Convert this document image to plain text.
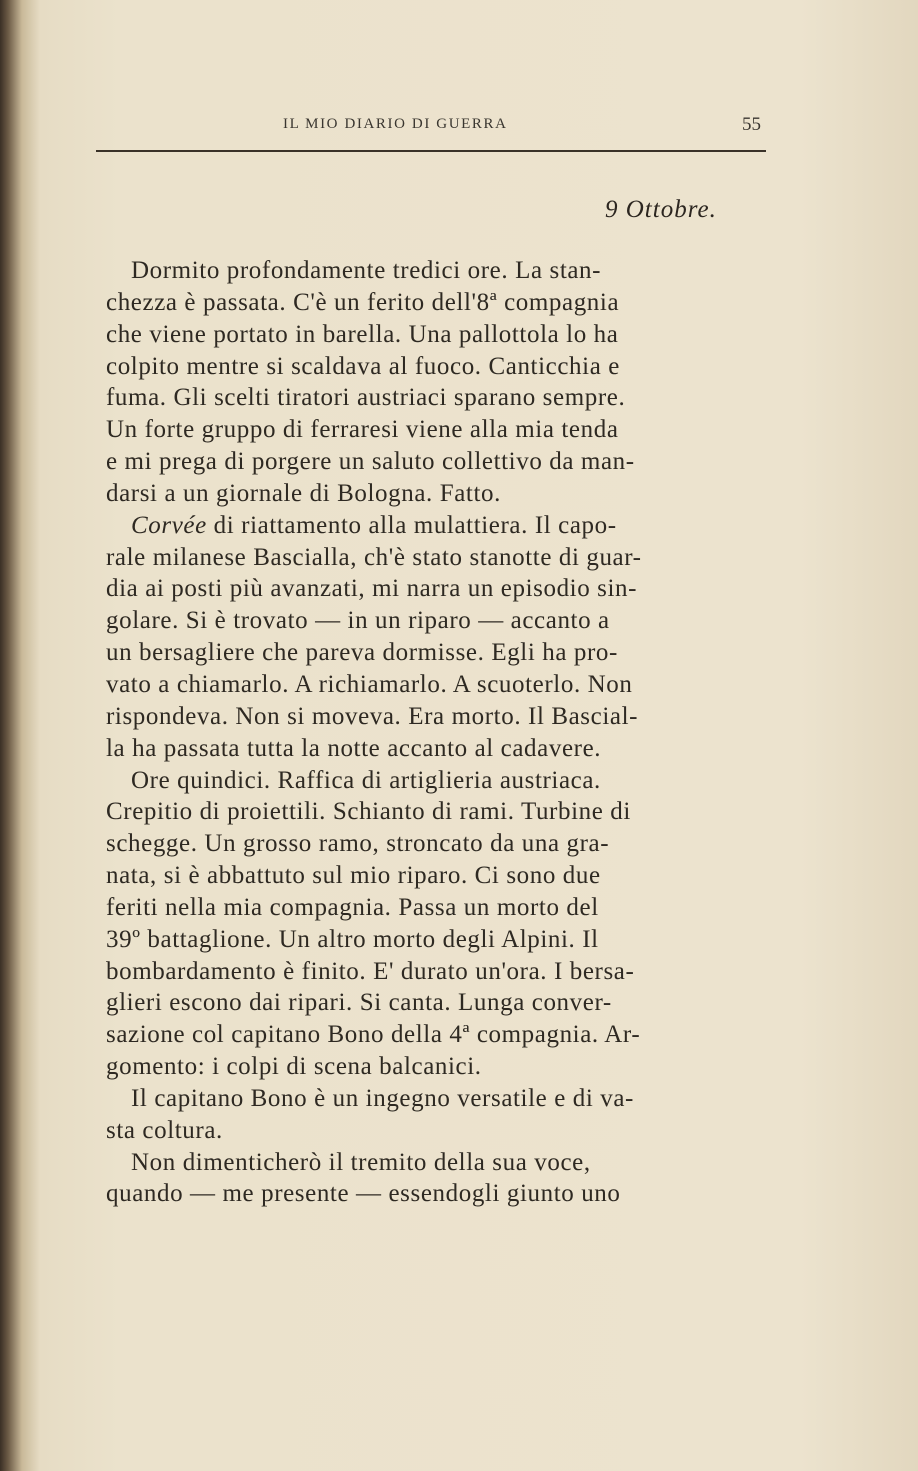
IL MIO DIARIO DI GUERRA	55
9 Ottobre.
Dormito profondamente tredici ore. La stan-
chezza è passata. C'è un ferito dell'8ª compagnia
che viene portato in barella. Una pallottola lo ha
colpito mentre si scaldava al fuoco. Canticchia e
fuma. Gli scelti tiratori austriaci sparano sempre.
Un forte gruppo di ferraresi viene alla mia tenda
e mi prega di porgere un saluto collettivo da man-
darsi a un giornale di Bologna. Fatto.
Corvée di riattamento alla mulattiera. Il capo-
rale milanese Bascialla, ch'è stato stanotte di guar-
dia ai posti più avanzati, mi narra un episodio sin-
golare. Si è trovato — in un riparo — accanto a
un bersagliere che pareva dormisse. Egli ha pro-
vato a chiamarlo. A richiamarlo. A scuoterlo. Non
rispondeva. Non si moveva. Era morto. Il Bascial-
la ha passata tutta la notte accanto al cadavere.
Ore quindici. Raffica di artiglieria austriaca.
Crepitio di proiettili. Schianto di rami. Turbine di
schegge. Un grosso ramo, stroncato da una gra-
nata, si è abbattuto sul mio riparo. Ci sono due
feriti nella mia compagnia. Passa un morto del
39º battaglione. Un altro morto degli Alpini. Il
bombardamento è finito. E' durato un'ora. I bersa-
glieri escono dai ripari. Si canta. Lunga conver-
sazione col capitano Bono della 4ª compagnia. Ar-
gomento: i colpi di scena balcanici.
Il capitano Bono è un ingegno versatile e di va-
sta coltura.
Non dimenticherò il tremito della sua voce,
quando — me presente — essendogli giunto uno
